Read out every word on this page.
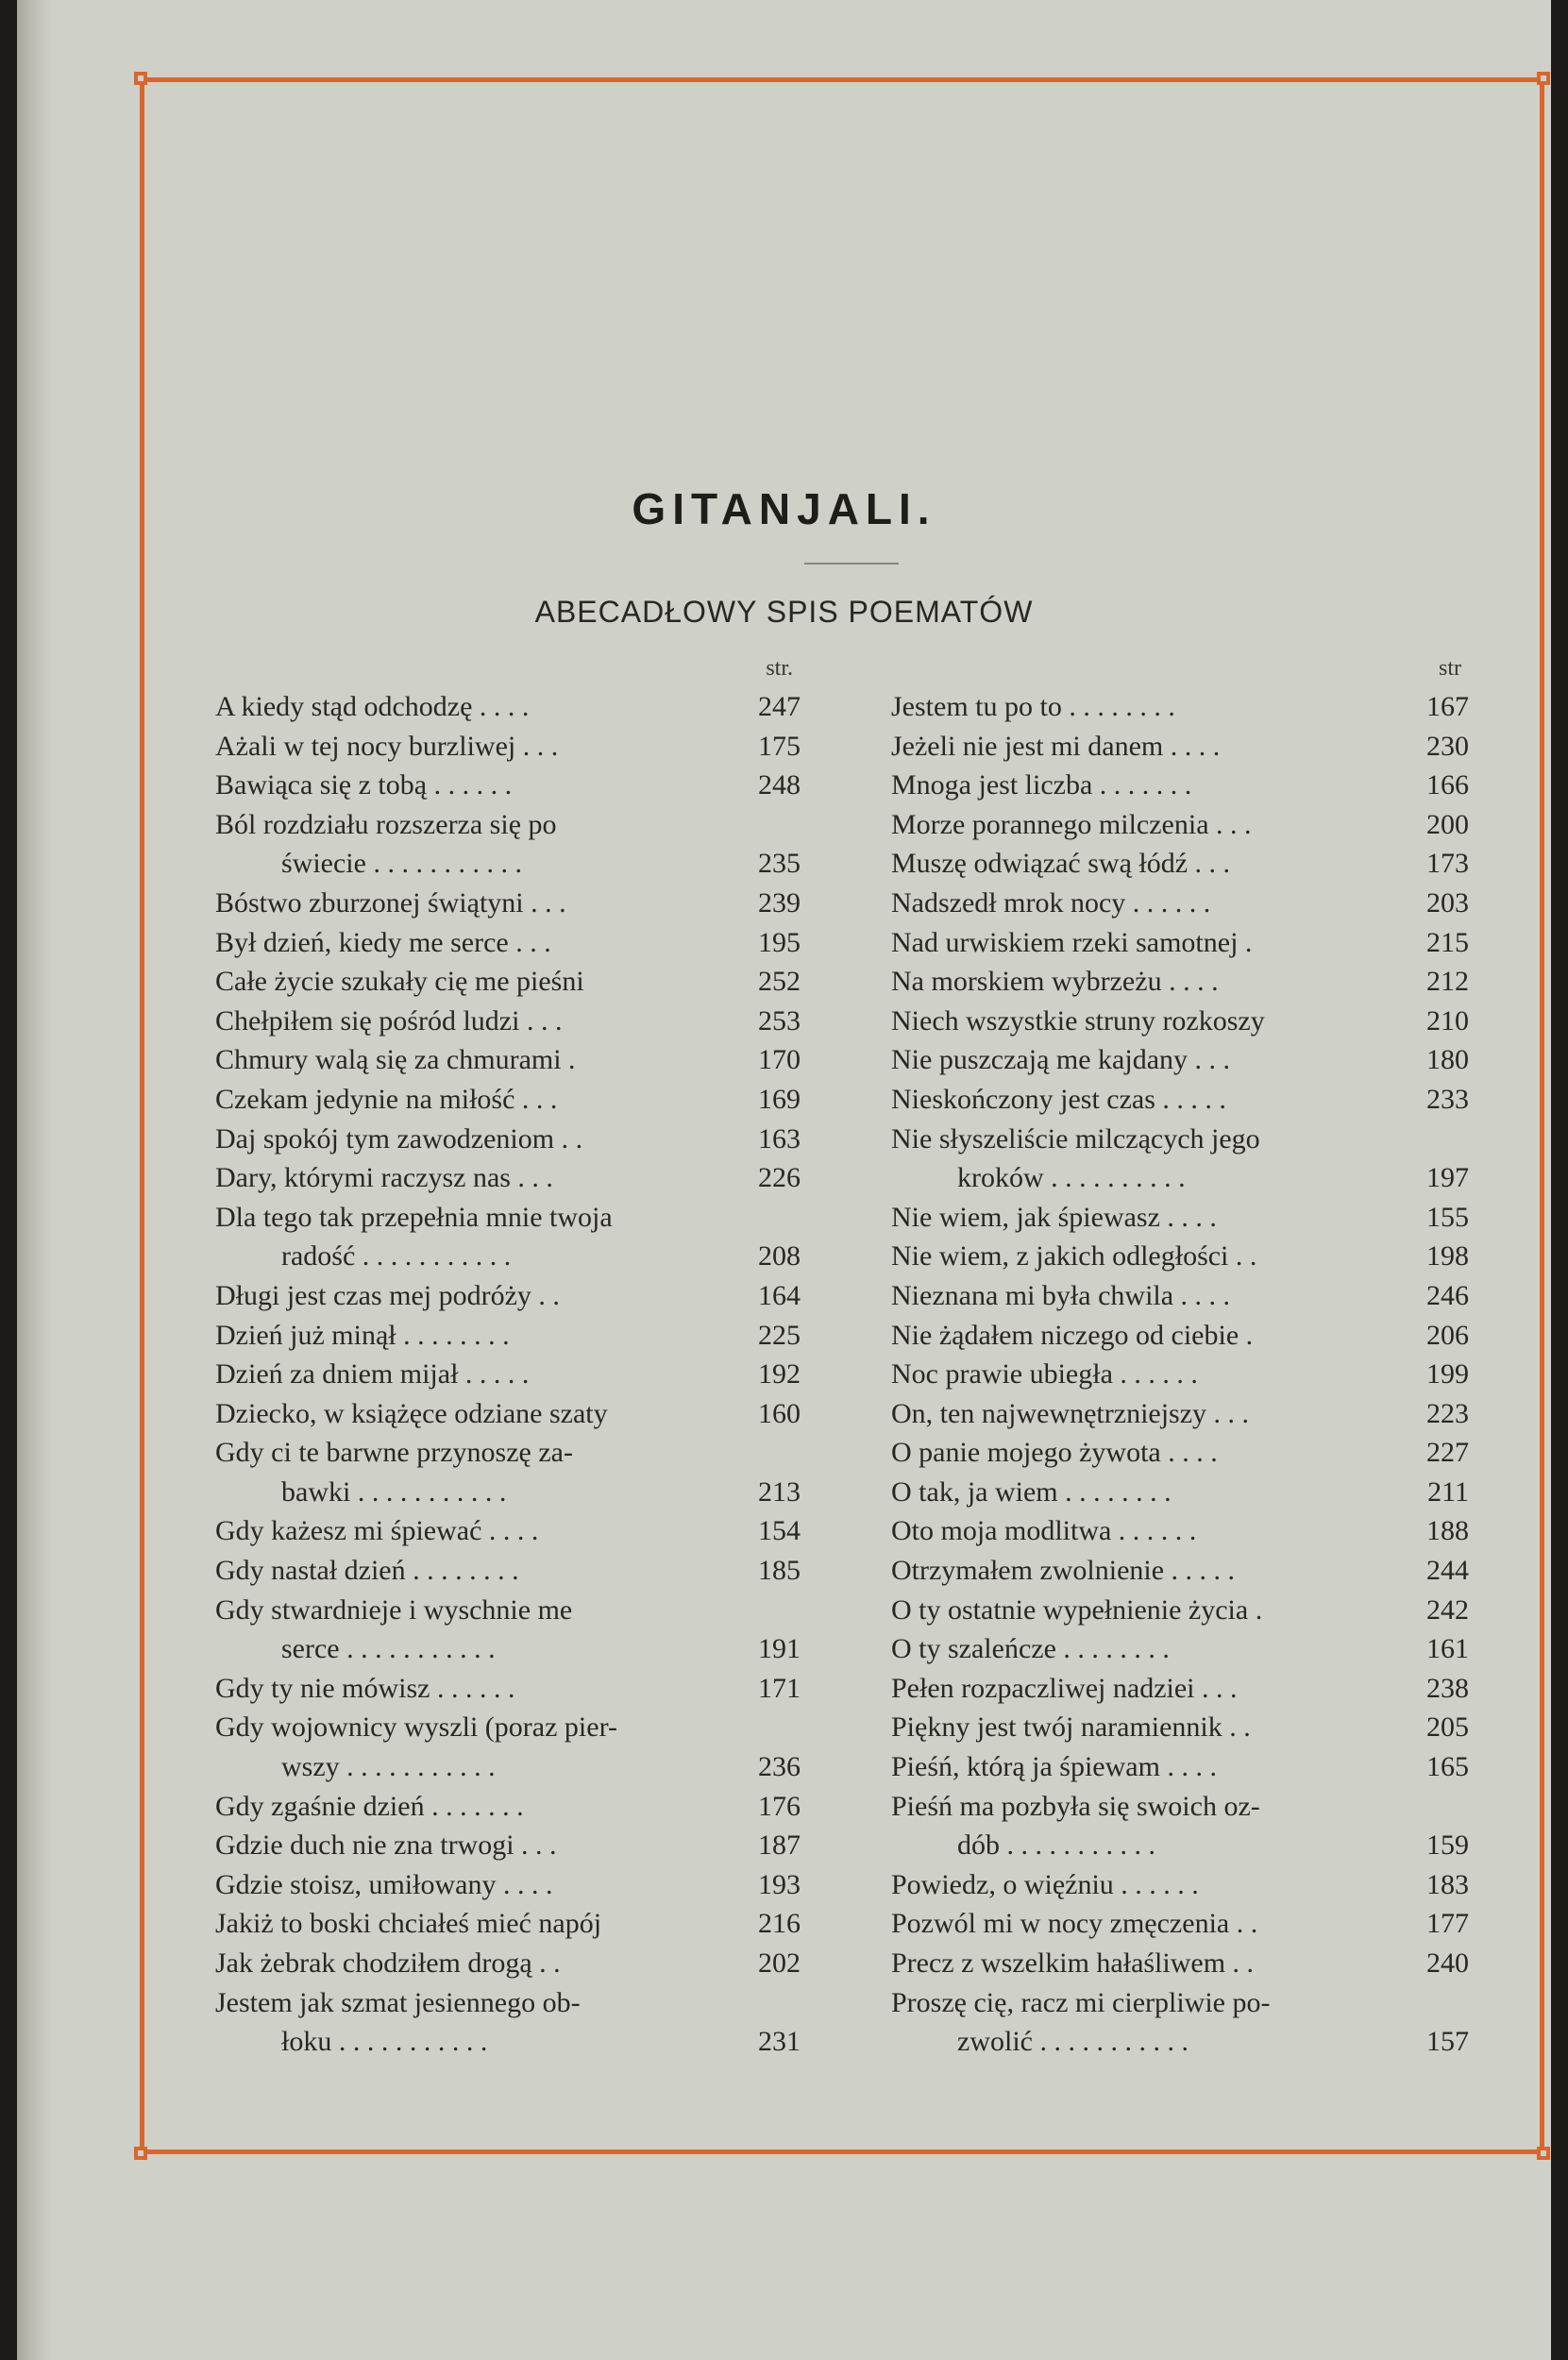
GITANJALI.
ABECADŁOWY SPIS POEMATÓW
str.
A kiedy stąd odchodzę . . . .	247
Ażali w tej nocy burzliwej . . .	175
Bawiąca się z tobą . . . . . .	248
Ból rozdziału rozszerza się po
świecie . . . . . . . . . . .	235
Bóstwo zburzonej świątyni . . .	239
Był dzień, kiedy me serce . . .	195
Całe życie szukały cię me pieśni	252
Chełpiłem się pośród ludzi . . .	253
Chmury walą się za chmurami .	170
Czekam jedynie na miłość . . .	169
Daj spokój tym zawodzeniom . .	163
Dary, którymi raczysz nas . . .	226
Dla tego tak przepełnia mnie twoja
radość . . . . . . . . . . .	208
Długi jest czas mej podróży . .	164
Dzień już minął . . . . . . . .	225
Dzień za dniem mijał . . . . .	192
Dziecko, w książęce odziane szaty	160
Gdy ci te barwne przynoszę za-
bawki . . . . . . . . . . .	213
Gdy każesz mi śpiewać . . . .	154
Gdy nastał dzień . . . . . . . .	185
Gdy stwardnieje i wyschnie me
serce . . . . . . . . . . .	191
Gdy ty nie mówisz . . . . . .	171
Gdy wojownicy wyszli (poraz pier-
wszy . . . . . . . . . . .	236
Gdy zgaśnie dzień . . . . . . .	176
Gdzie duch nie zna trwogi . . .	187
Gdzie stoisz, umiłowany . . . .	193
Jakiż to boski chciałeś mieć napój	216
Jak żebrak chodziłem drogą . .	202
Jestem jak szmat jesiennego ob-
łoku . . . . . . . . . . .	231
str
Jestem tu po to . . . . . . . .	167
Jeżeli nie jest mi danem . . . .	230
Mnoga jest liczba . . . . . . .	166
Morze porannego milczenia . . .	200
Muszę odwiązać swą łódź . . .	173
Nadszedł mrok nocy . . . . . .	203
Nad urwiskiem rzeki samotnej .	215
Na morskiem wybrzeżu . . . .	212
Niech wszystkie struny rozkoszy	210
Nie puszczają me kajdany . . .	180
Nieskończony jest czas . . . . .	233
Nie słyszeliście milczących jego
kroków . . . . . . . . . .	197
Nie wiem, jak śpiewasz . . . .	155
Nie wiem, z jakich odległości . .	198
Nieznana mi była chwila . . . .	246
Nie żądałem niczego od ciebie .	206
Noc prawie ubiegła . . . . . .	199
On, ten najwewnętrzniejszy . . .	223
O panie mojego żywota . . . .	227
O tak, ja wiem . . . . . . . .	211
Oto moja modlitwa . . . . . .	188
Otrzymałem zwolnienie . . . . .	244
O ty ostatnie wypełnienie życia .	242
O ty szaleńcze . . . . . . . .	161
Pełen rozpaczliwej nadziei . . .	238
Piękny jest twój naramiennik . .	205
Pieśń, którą ja śpiewam . . . .	165
Pieśń ma pozbyła się swoich oz-
dób . . . . . . . . . . .	159
Powiedz, o więźniu . . . . . .	183
Pozwól mi w nocy zmęczenia . .	177
Precz z wszelkim hałaśliwem . .	240
Proszę cię, racz mi cierpliwie po-
zwolić . . . . . . . . . . .	157
